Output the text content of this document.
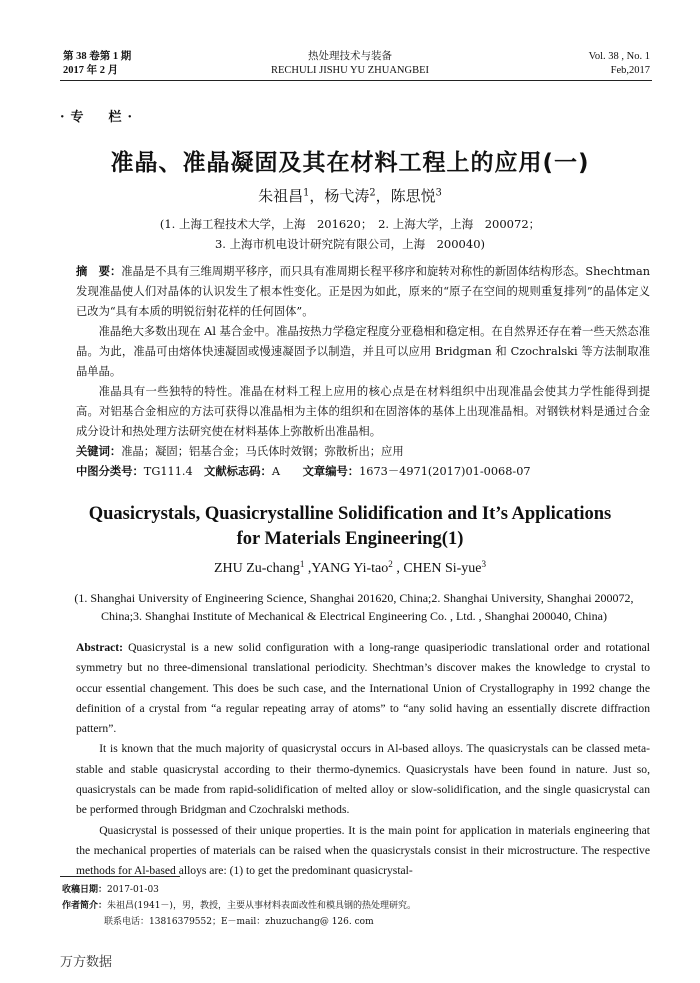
第 38 卷第 1 期
2017 年 2 月
热处理技术与装备
RECHULI JISHU YU ZHUANGBEI
Vol. 38 , No. 1
Feb,2017
·专　栏·
准晶、准晶凝固及其在材料工程上的应用(一)
朱祖昌$^1$，杨弋涛$^2$，陈思悦$^3$
(1. 上海工程技术大学，上海　201620；　2. 上海大学，上海　200072；
3. 上海市机电设计研究院有限公司，上海　200040)

摘　要：准晶是不具有三维周期平移序，而只具有准周期长程平移序和旋转对称性的新固体结构形态。Shechtman 发现准晶使人们对晶体的认识发生了根本性变化。正是因为如此，原来的“原子在空间的规则重复排列”的晶体定义已改为“具有本质的明锐衍射花样的任何固体”。

准晶绝大多数出现在 Al 基合金中。准晶按热力学稳定程度分亚稳相和稳定相。在自然界还存在着一些天然态准晶。为此，准晶可由熔体快速凝固或慢速凝固予以制造，并且可以应用 Bridgman 和 Czochralski 等方法制取准晶单晶。

准晶具有一些独特的特性。准晶在材料工程上应用的核心点是在材料组织中出现准晶会使其力学性能得到提高。对铝基合金相应的方法可获得以准晶相为主体的组织和在固溶体的基体上出现准晶相。对钢铁材料是通过合金成分设计和热处理方法研究使在材料基体上弥散析出准晶相。

关键词：准晶；凝固；铝基合金；马氏体时效钢；弥散析出；应用

中图分类号：TG111.4　 文献标志码：A　　 文章编号：1673－4971(2017)01-0068-07

Quasicrystals, Quasicrystalline Solidification and It’s Applications
for Materials Engineering(1)
ZHU Zu-chang$^1$ ,YANG Yi-tao$^2$ , CHEN Si-yue$^3$
(1. Shanghai University of Engineering Science, Shanghai 201620, China;2. Shanghai University, Shanghai 200072, China;3. Shanghai Institute of Mechanical & Electrical Engineering Co. , Ltd. , Shanghai 200040, China)

Abstract: Quasicrystal is a new solid configuration with a long-range quasiperiodic translational order and rotational symmetry but no three-dimensional translational periodicity. Shechtman’s discover makes the knowledge to crystal to occur essential changement. This does be such case, and the International Union of Crystallography in 1992 change the definition of a crystal from “a regular repeating array of atoms” to “any solid having an essentially discrete diffraction pattern”.

It is known that the much majority of quasicrystal occurs in Al-based alloys. The quasicrystals can be classed meta-stable and stable quasicrystal according to their thermo-dynemics. Quasicrystals have been found in nature. Just so, quasicrystals can be made from rapid-solidification of melted alloy or slow-solidification, and the single quasicrystal can be performed through Bridgman and Czochralski methods.

Quasicrystal is possessed of their unique properties. It is the main point for application in materials engineering that the mechanical properties of materials can be raised when the quasicrystals consist in their microstructure. The respective methods for Al-based alloys are: (1) to get the predominant quasicrystal-

收稿日期：2017-01-03
作者简介：朱祖昌(1941－)，男，教授，主要从事材料表面改性和模具钢的热处理研究。
联系电话：13816379552；E－mail：zhuzuchang@ 126. com
万方数据
